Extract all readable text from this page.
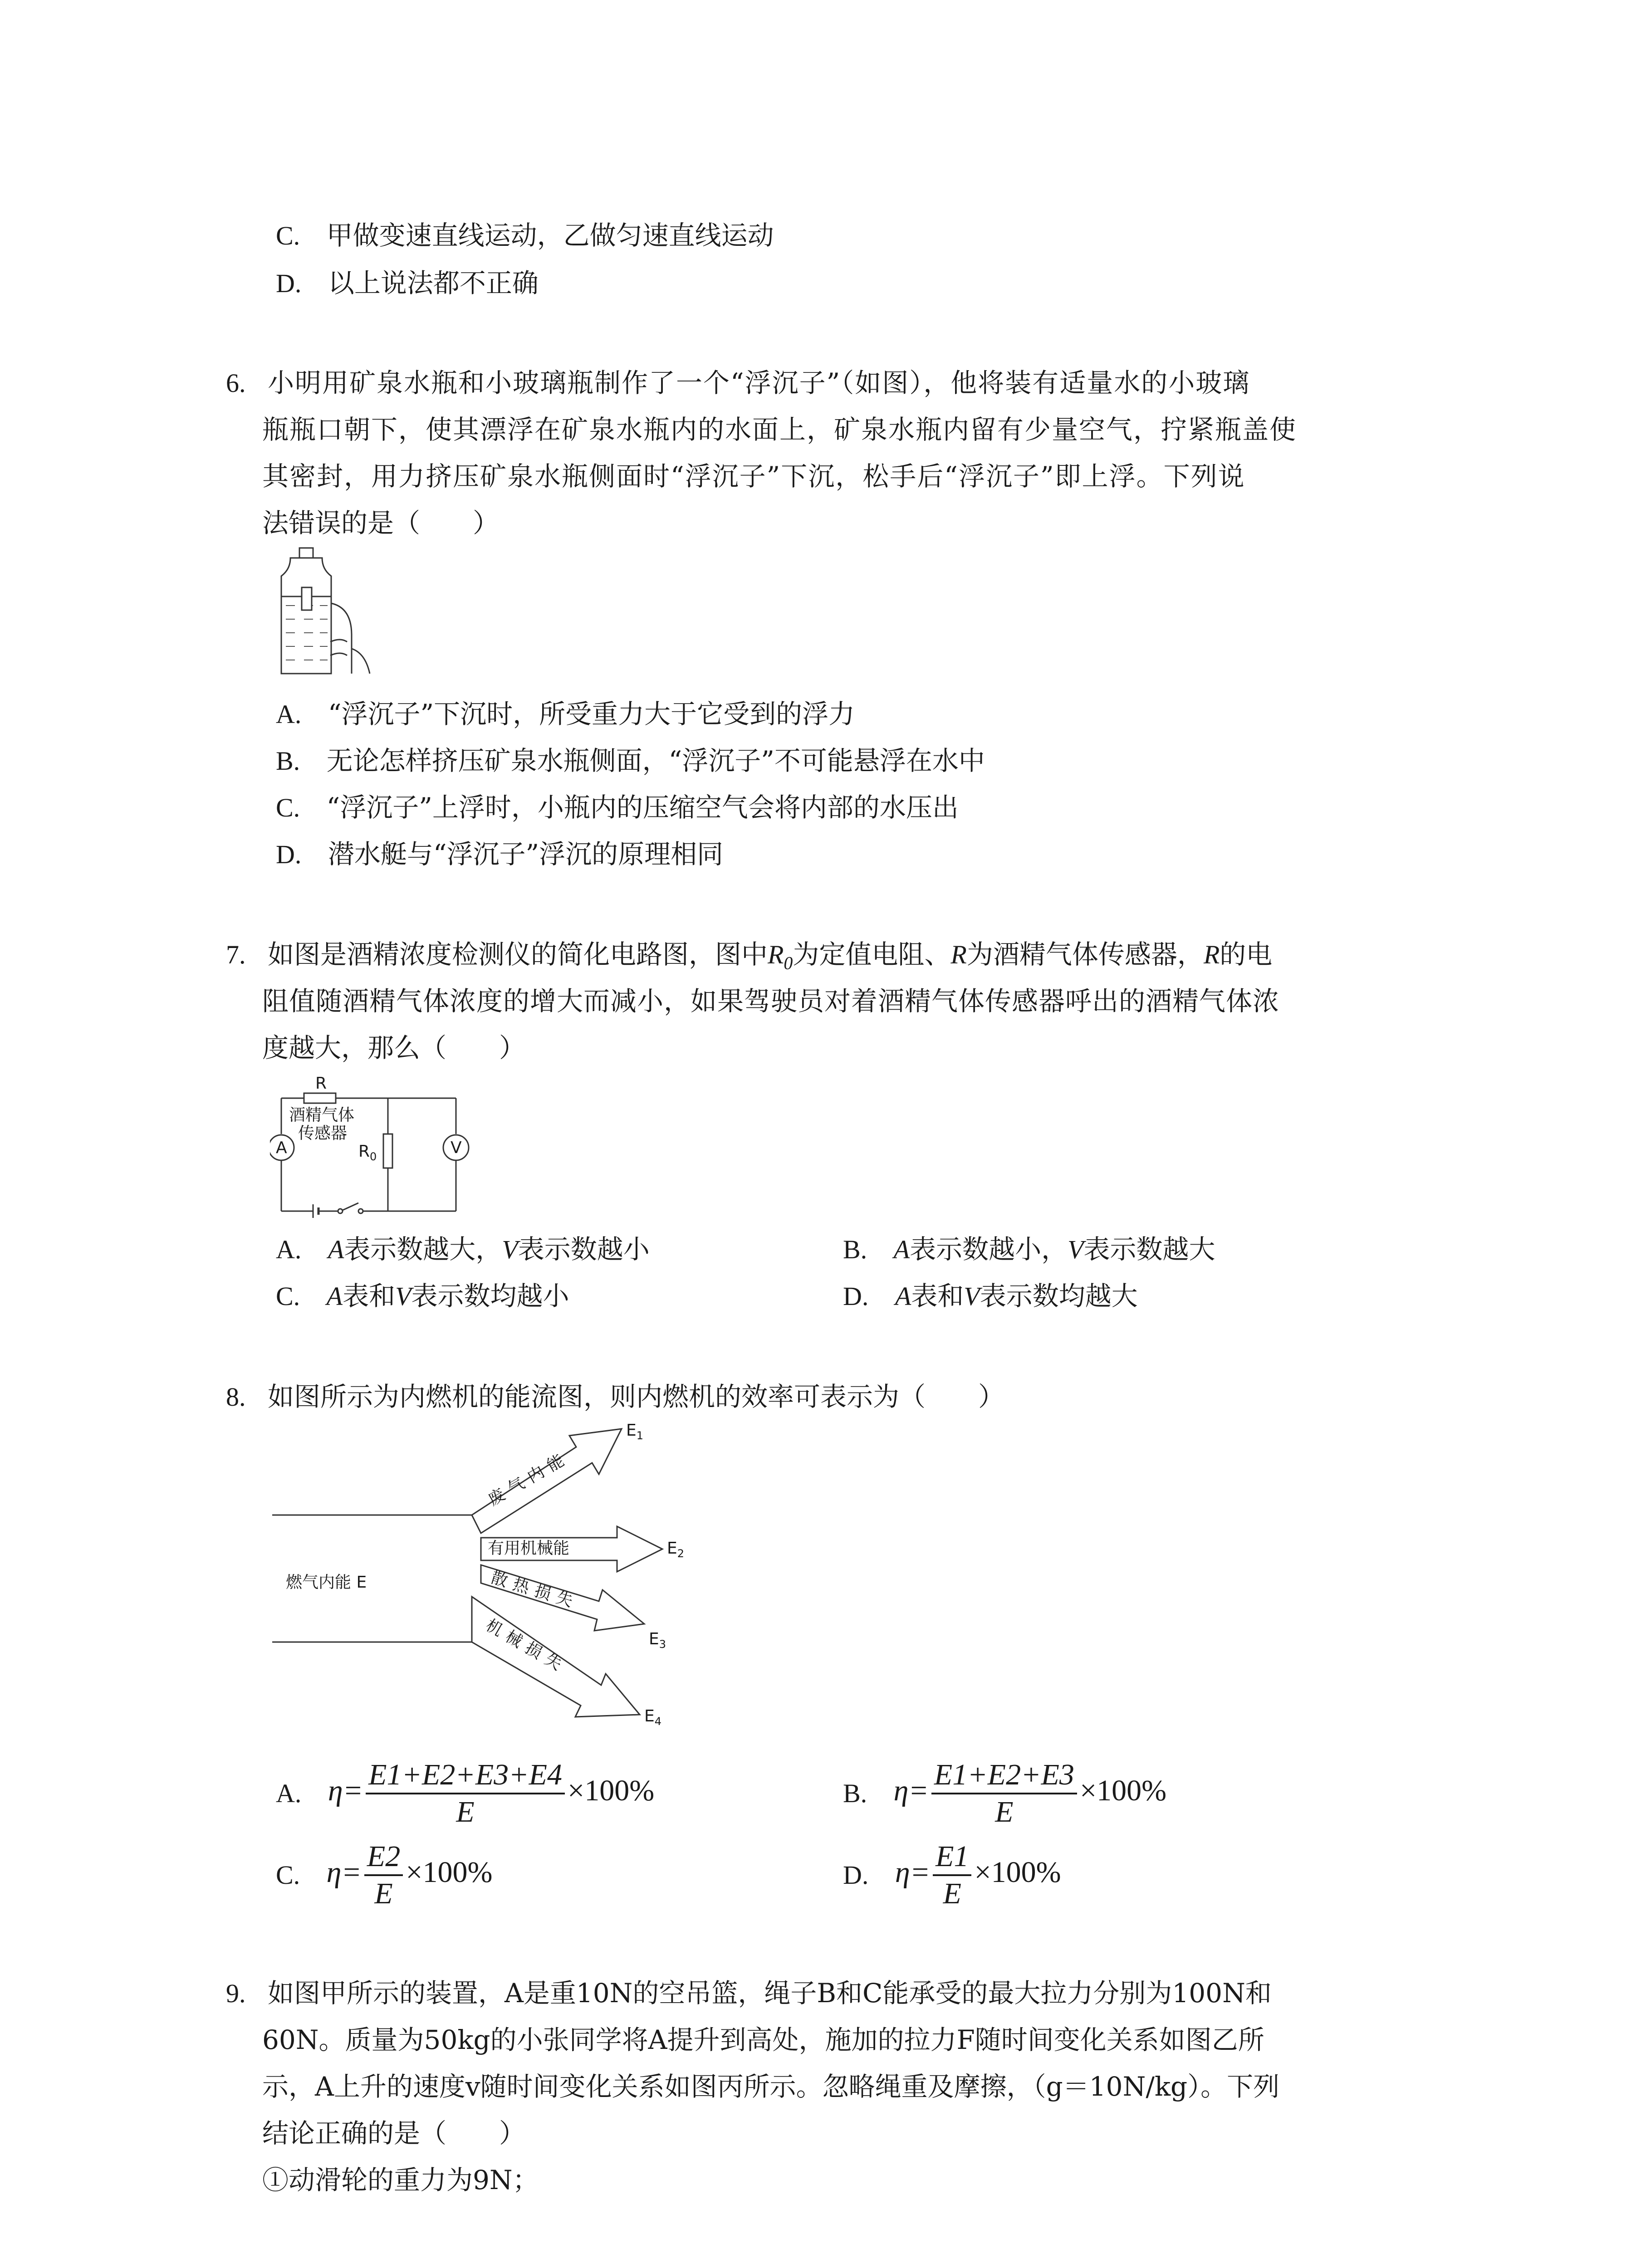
C. 甲做变速直线运动，乙做匀速直线运动
D. 以上说法都不正确
6. 小明用矿泉水瓶和小玻璃瓶制作了一个“浮沉子”（如图），他将装有适量水的小玻璃
瓶瓶口朝下，使其漂浮在矿泉水瓶内的水面上，矿泉水瓶内留有少量空气，拧紧瓶盖使
其密封，用力挤压矿泉水瓶侧面时“浮沉子”下沉，松手后“浮沉子”即上浮。下列说
法错误的是（　　）
A. “浮沉子”下沉时，所受重力大于它受到的浮力
B. 无论怎样挤压矿泉水瓶侧面，“浮沉子”不可能悬浮在水中
C. “浮沉子”上浮时，小瓶内的压缩空气会将内部的水压出
D. 潜水艇与“浮沉子”浮沉的原理相同
7. 如图是酒精浓度检测仪的简化电路图，图中$R_0$为定值电阻、R为酒精气体传感器，R的电
阻值随酒精气体浓度的增大而减小，如果驾驶员对着酒精气体传感器呼出的酒精气体浓
度越大，那么（　　）
R
酒精气体
传感器
A	$R_0$	V
A. A表示数越大，V表示数越小	B. A表示数越小，V表示数越大
C. A表和V表示数均越小	D. A表和V表示数均越大
8. 如图所示为内燃机的能流图，则内燃机的效率可表示为（　　）
燃气内能 E
废气内能
有用机械能
散热损失
机械损失
$E_1$
$E_2$
$E_3$
$E_4$
A. $\eta= \frac{E1+E2+E3+E4}{E} \times 100\%$	B. $\eta= \frac{E1+E2+E3}{E} \times 100\%$
C. $\eta= \frac{E2}{E} \times 100\%$	D. $\eta= \frac{E1}{E} \times 100\%$
9. 如图甲所示的装置，A是重10N的空吊篮，绳子B和C能承受的最大拉力分别为100N和
60N。质量为50kg的小张同学将A提升到高处，施加的拉力F随时间变化关系如图乙所
示，A上升的速度v随时间变化关系如图丙所示。忽略绳重及摩擦，（g＝10N/kg）。下列
结论正确的是（　　）
①动滑轮的重力为9N；
